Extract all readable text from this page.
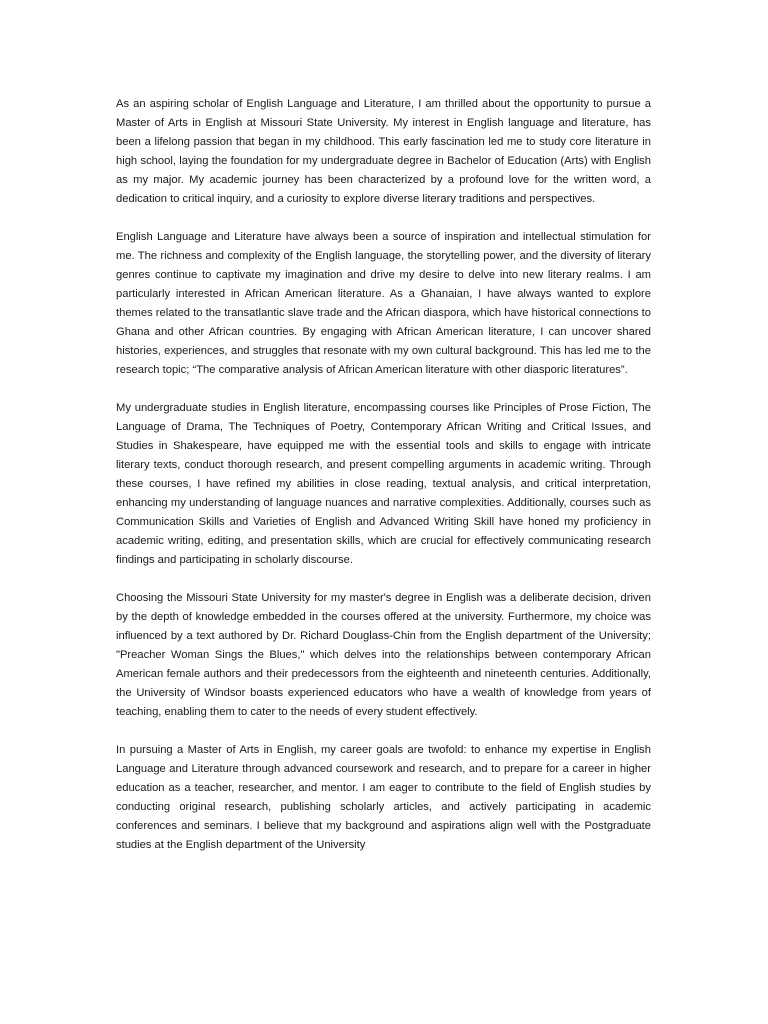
As an aspiring scholar of English Language and Literature, I am thrilled about the opportunity to pursue a Master of Arts in English at Missouri State University. My interest in English language and literature, has been a lifelong passion that began in my childhood. This early fascination led me to study core literature in high school, laying the foundation for my undergraduate degree in Bachelor of Education (Arts) with English as my major. My academic journey has been characterized by a profound love for the written word, a dedication to critical inquiry, and a curiosity to explore diverse literary traditions and perspectives.

English Language and Literature have always been a source of inspiration and intellectual stimulation for me. The richness and complexity of the English language, the storytelling power, and the diversity of literary genres continue to captivate my imagination and drive my desire to delve into new literary realms. I am particularly interested in African American literature. As a Ghanaian, I have always wanted to explore themes related to the transatlantic slave trade and the African diaspora, which have historical connections to Ghana and other African countries. By engaging with African American literature, I can uncover shared histories, experiences, and struggles that resonate with my own cultural background. This has led me to the research topic; “The comparative analysis of African American literature with other diasporic literatures”.

My undergraduate studies in English literature, encompassing courses like Principles of Prose Fiction, The Language of Drama, The Techniques of Poetry, Contemporary African Writing and Critical Issues, and Studies in Shakespeare, have equipped me with the essential tools and skills to engage with intricate literary texts, conduct thorough research, and present compelling arguments in academic writing. Through these courses, I have refined my abilities in close reading, textual analysis, and critical interpretation, enhancing my understanding of language nuances and narrative complexities. Additionally, courses such as Communication Skills and Varieties of English and Advanced Writing Skill have honed my proficiency in academic writing, editing, and presentation skills, which are crucial for effectively communicating research findings and participating in scholarly discourse.

Choosing the Missouri State University for my master's degree in English was a deliberate decision, driven by the depth of knowledge embedded in the courses offered at the university. Furthermore, my choice was influenced by a text authored by Dr. Richard Douglass-Chin from the English department of the University; "Preacher Woman Sings the Blues," which delves into the relationships between contemporary African American female authors and their predecessors from the eighteenth and nineteenth centuries. Additionally, the University of Windsor boasts experienced educators who have a wealth of knowledge from years of teaching, enabling them to cater to the needs of every student effectively.

In pursuing a Master of Arts in English, my career goals are twofold: to enhance my expertise in English Language and Literature through advanced coursework and research, and to prepare for a career in higher education as a teacher, researcher, and mentor. I am eager to contribute to the field of English studies by conducting original research, publishing scholarly articles, and actively participating in academic conferences and seminars. I believe that my background and aspirations align well with the Postgraduate studies at the English department of the University
